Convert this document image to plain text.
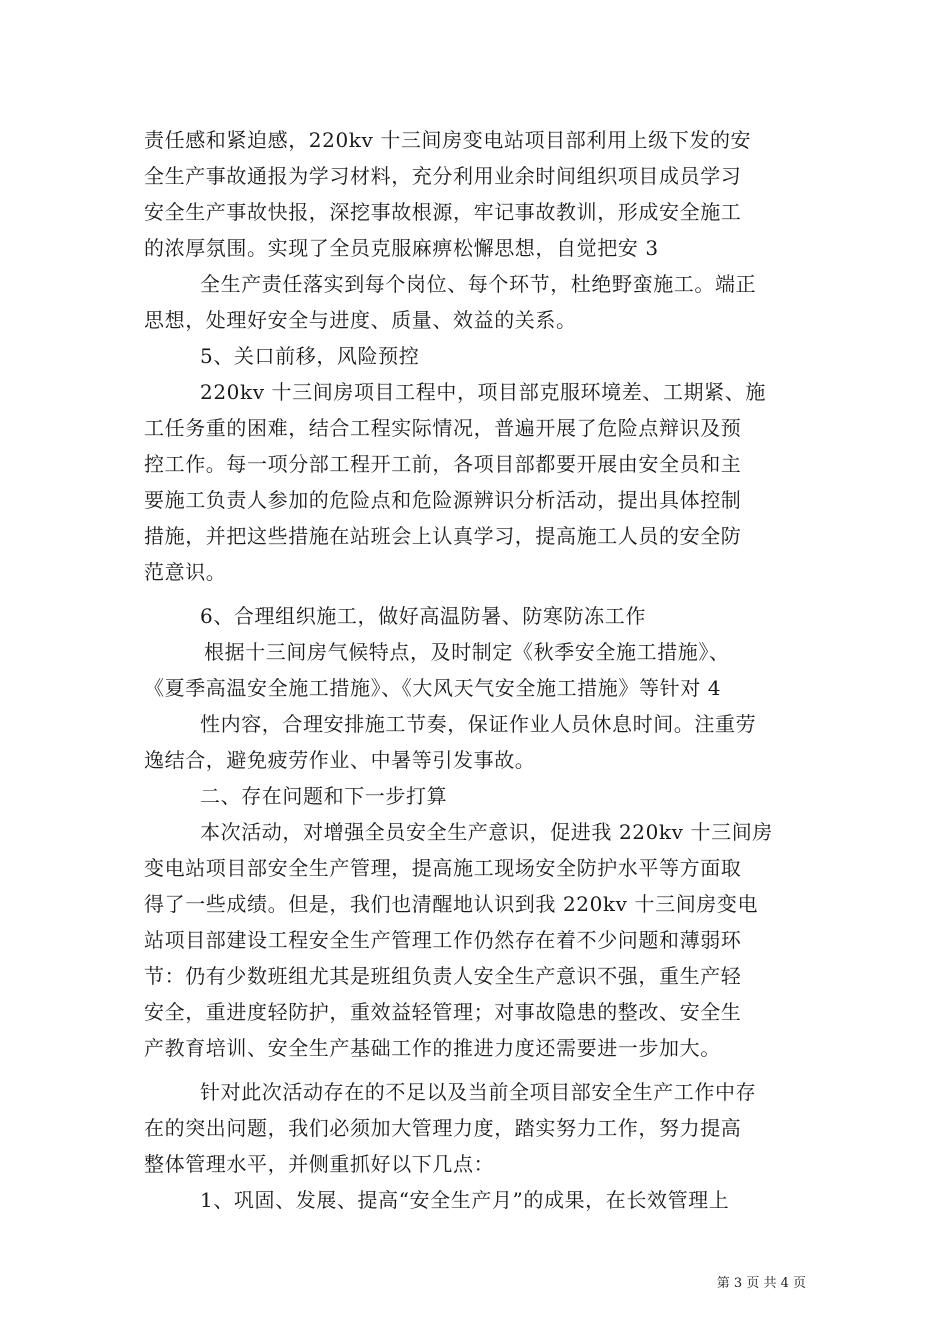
责任感和紧迫感，220kv 十三间房变电站项目部利用上级下发的安
全生产事故通报为学习材料，充分利用业余时间组织项目成员学习
安全生产事故快报，深挖事故根源，牢记事故教训，形成安全施工
的浓厚氛围。实现了全员克服麻痹松懈思想，自觉把安 3
全生产责任落实到每个岗位、每个环节，杜绝野蛮施工。端正
思想，处理好安全与进度、质量、效益的关系。
5、关口前移，风险预控
220kv 十三间房项目工程中，项目部克服环境差、工期紧、施
工任务重的困难，结合工程实际情况，普遍开展了危险点辩识及预
控工作。每一项分部工程开工前，各项目部都要开展由安全员和主
要施工负责人参加的危险点和危险源辨识分析活动，提出具体控制
措施，并把这些措施在站班会上认真学习，提高施工人员的安全防
范意识。
6、合理组织施工，做好高温防暑、防寒防冻工作
根据十三间房气候特点，及时制定《秋季安全施工措施》、
《夏季高温安全施工措施》、《大风天气安全施工措施》等针对 4
性内容，合理安排施工节奏，保证作业人员休息时间。注重劳
逸结合，避免疲劳作业、中暑等引发事故。
二、存在问题和下一步打算
本次活动，对增强全员安全生产意识，促进我 220kv 十三间房
变电站项目部安全生产管理，提高施工现场安全防护水平等方面取
得了一些成绩。但是，我们也清醒地认识到我 220kv 十三间房变电
站项目部建设工程安全生产管理工作仍然存在着不少问题和薄弱环
节：仍有少数班组尤其是班组负责人安全生产意识不强，重生产轻
安全，重进度轻防护，重效益轻管理；对事故隐患的整改、安全生
产教育培训、安全生产基础工作的推进力度还需要进一步加大。
针对此次活动存在的不足以及当前全项目部安全生产工作中存
在的突出问题，我们必须加大管理力度，踏实努力工作，努力提高
整体管理水平，并侧重抓好以下几点：
1、巩固、发展、提高“安全生产月”的成果，在长效管理上
第 3 页 共 4 页
